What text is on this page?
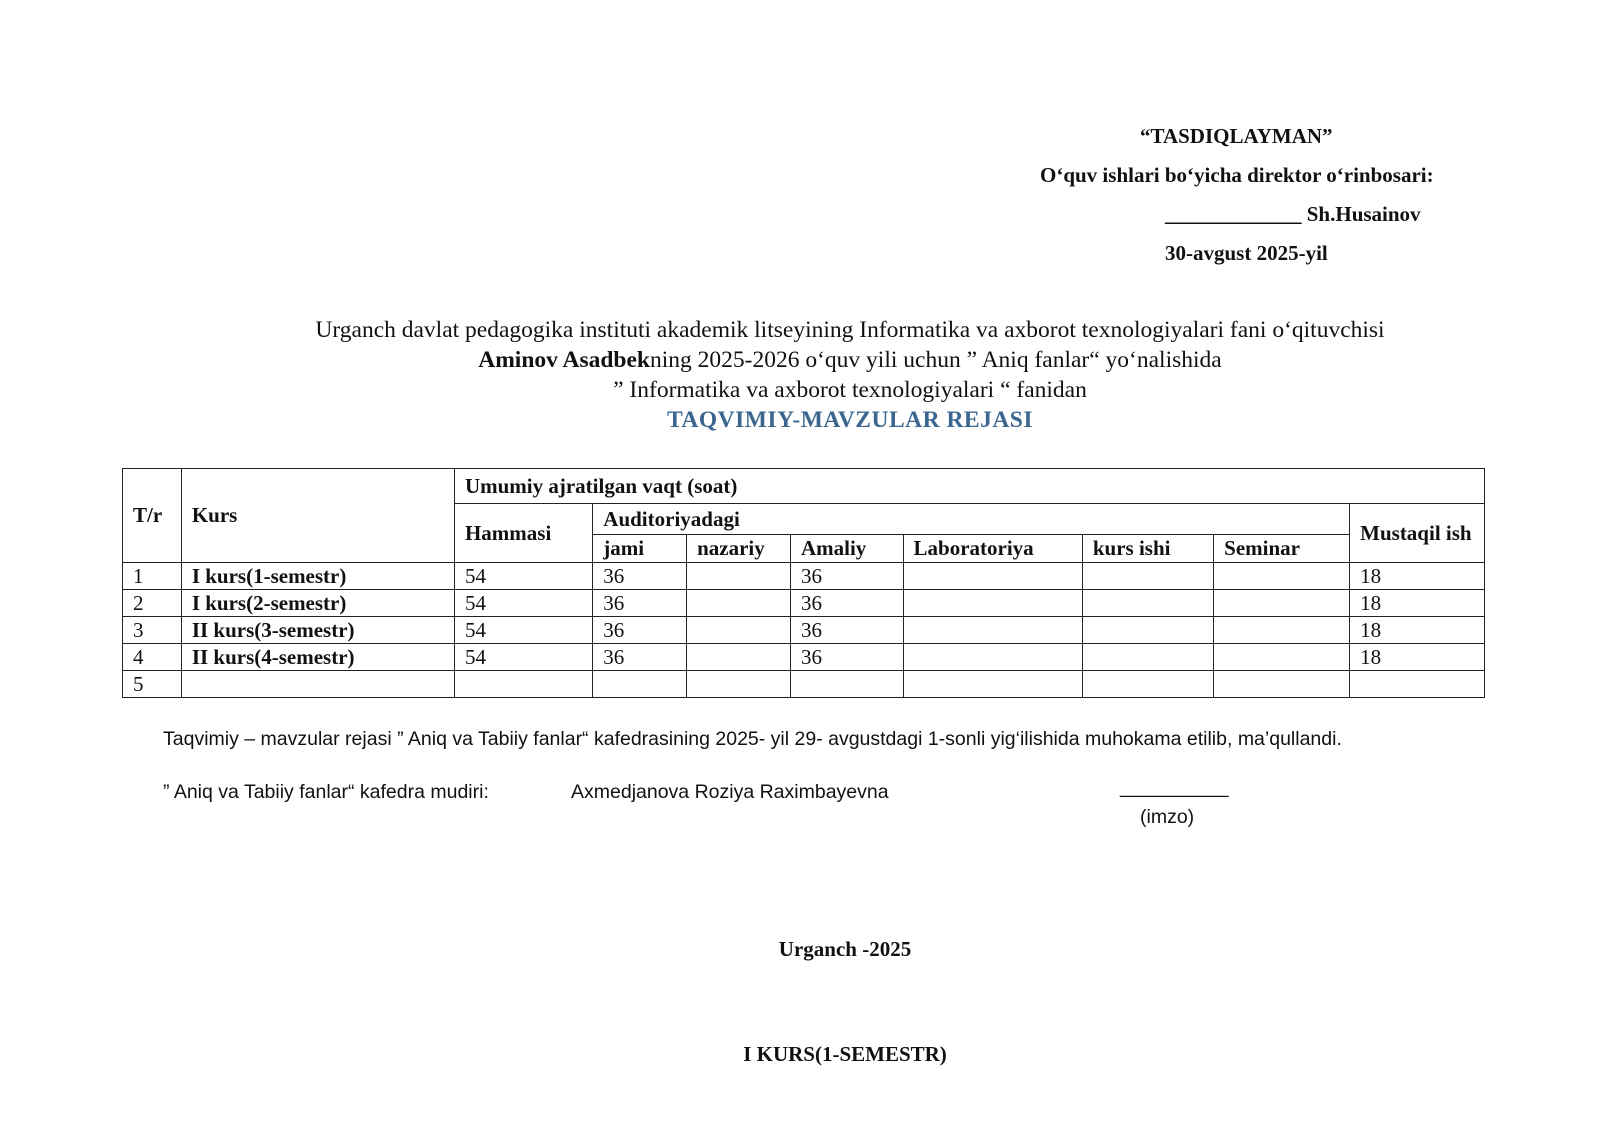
“TASDIQLAYMAN”
O‘quv ishlari bo‘yicha direktor o‘rinbosari:
_____________ Sh.Husainov
30-avgust 2025-yil
Urganch davlat pedagogika instituti akademik litseyining Informatika va axborot texnologiyalari fani o‘qituvchisi
Aminov Asadbekning 2025-2026 o‘quv yili uchun ” Aniq fanlar“ yo‘nalishida
” Informatika va axborot texnologiyalari “ fanidan
TAQVIMIY-MAVZULAR REJASI
T/r	Kurs	Umumiy ajratilgan vaqt (soat)							
		Hammasi	Auditoriyadagi						Mustaqil ish
			jami	nazariy	Amaliy	Laboratoriya	kurs ishi	Seminar	
1	I kurs(1-semestr)	54	36		36				18
2	I kurs(2-semestr)	54	36		36				18
3	II kurs(3-semestr)	54	36		36				18
4	II kurs(4-semestr)	54	36		36				18
5									
Taqvimiy – mavzular rejasi ” Aniq va Tabiiy fanlar“ kafedrasining 2025- yil 29- avgustdagi 1-sonli yig‘ilishida muhokama etilib, ma’qullandi.
” Aniq va Tabiiy fanlar“ kafedra mudiri:	Axmedjanova Roziya Raximbayevna	__________
(imzo)
Urganch -2025
I KURS(1-SEMESTR)
